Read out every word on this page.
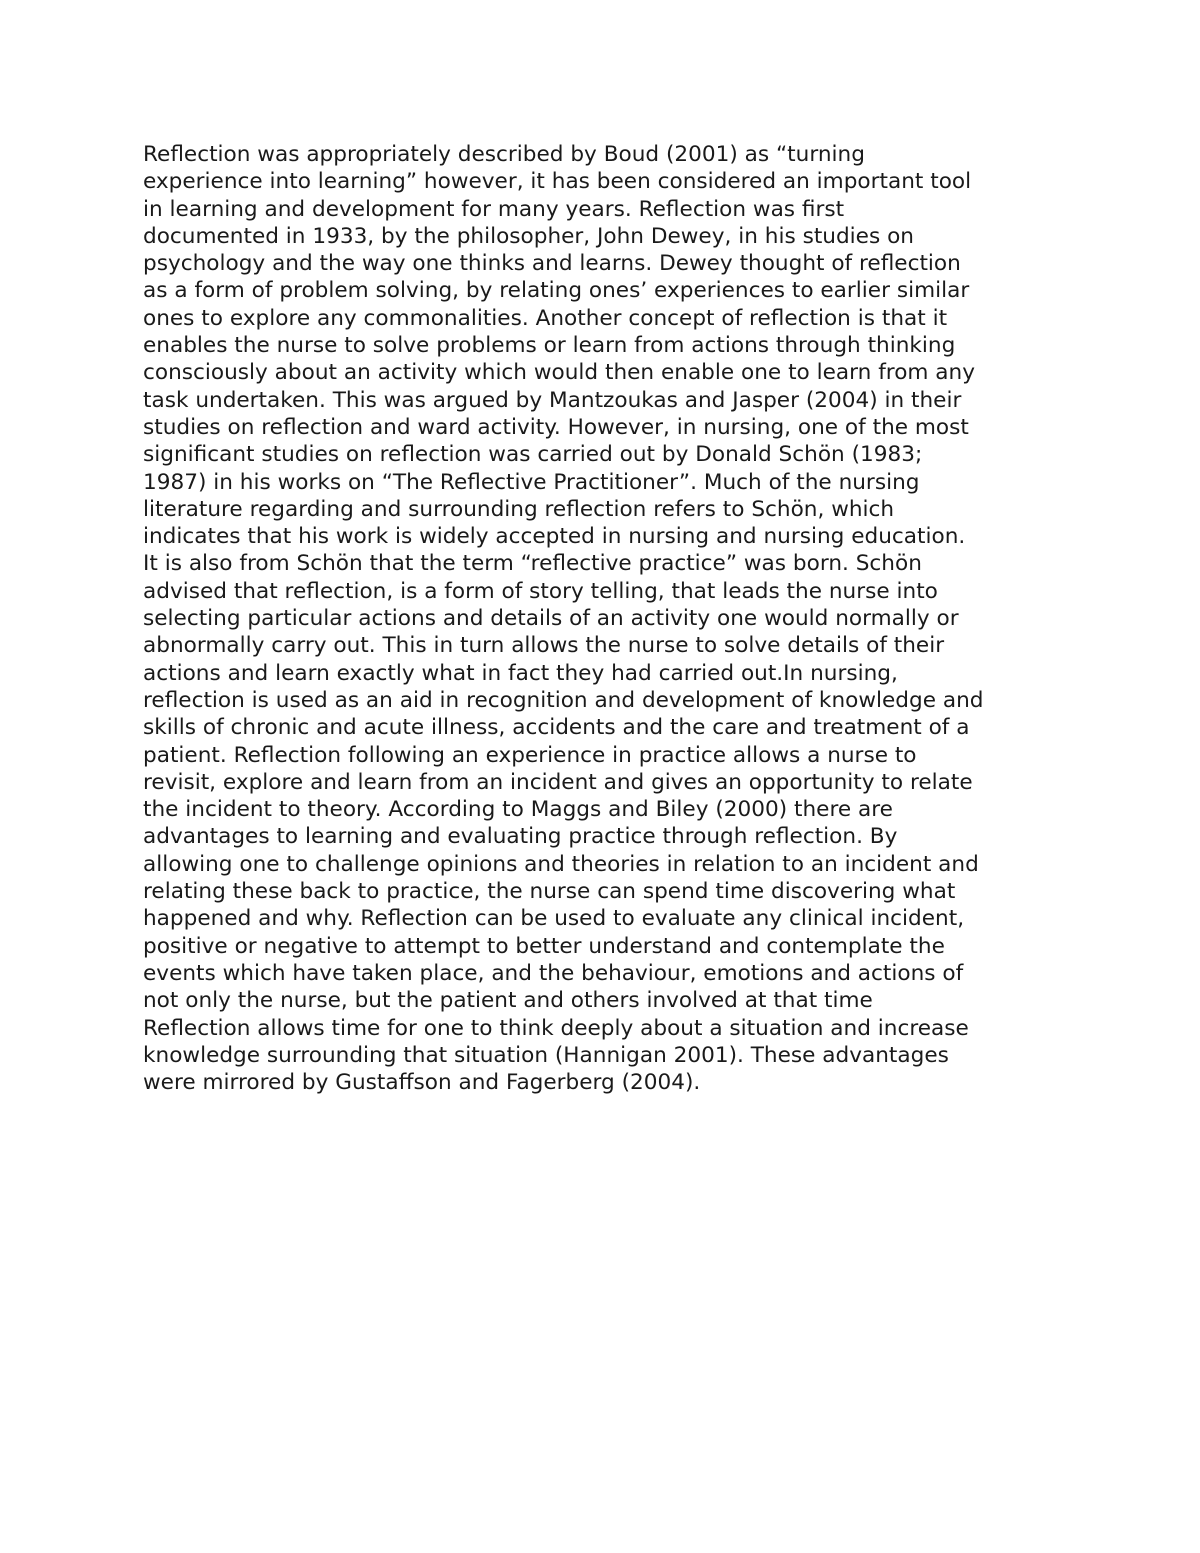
Reflection was appropriately described by Boud (2001) as “turning
experience into learning” however, it has been considered an important tool
in learning and development for many years. Reflection was first
documented in 1933, by the philosopher, John Dewey, in his studies on
psychology and the way one thinks and learns. Dewey thought of reflection
as a form of problem solving, by relating ones’ experiences to earlier similar
ones to explore any commonalities. Another concept of reflection is that it
enables the nurse to solve problems or learn from actions through thinking
consciously about an activity which would then enable one to learn from any
task undertaken. This was argued by Mantzoukas and Jasper (2004) in their
studies on reflection and ward activity. However, in nursing, one of the most
significant studies on reflection was carried out by Donald Schön (1983;
1987) in his works on “The Reflective Practitioner”. Much of the nursing
literature regarding and surrounding reflection refers to Schön, which
indicates that his work is widely accepted in nursing and nursing education.
It is also from Schön that the term “reflective practice” was born. Schön
advised that reflection, is a form of story telling, that leads the nurse into
selecting particular actions and details of an activity one would normally or
abnormally carry out. This in turn allows the nurse to solve details of their
actions and learn exactly what in fact they had carried out.In nursing,
reflection is used as an aid in recognition and development of knowledge and
skills of chronic and acute illness, accidents and the care and treatment of a
patient. Reflection following an experience in practice allows a nurse to
revisit, explore and learn from an incident and gives an opportunity to relate
the incident to theory. According to Maggs and Biley (2000) there are
advantages to learning and evaluating practice through reflection. By
allowing one to challenge opinions and theories in relation to an incident and
relating these back to practice, the nurse can spend time discovering what
happened and why. Reflection can be used to evaluate any clinical incident,
positive or negative to attempt to better understand and contemplate the
events which have taken place, and the behaviour, emotions and actions of
not only the nurse, but the patient and others involved at that time
Reflection allows time for one to think deeply about a situation and increase
knowledge surrounding that situation (Hannigan 2001). These advantages
were mirrored by Gustaffson and Fagerberg (2004).
